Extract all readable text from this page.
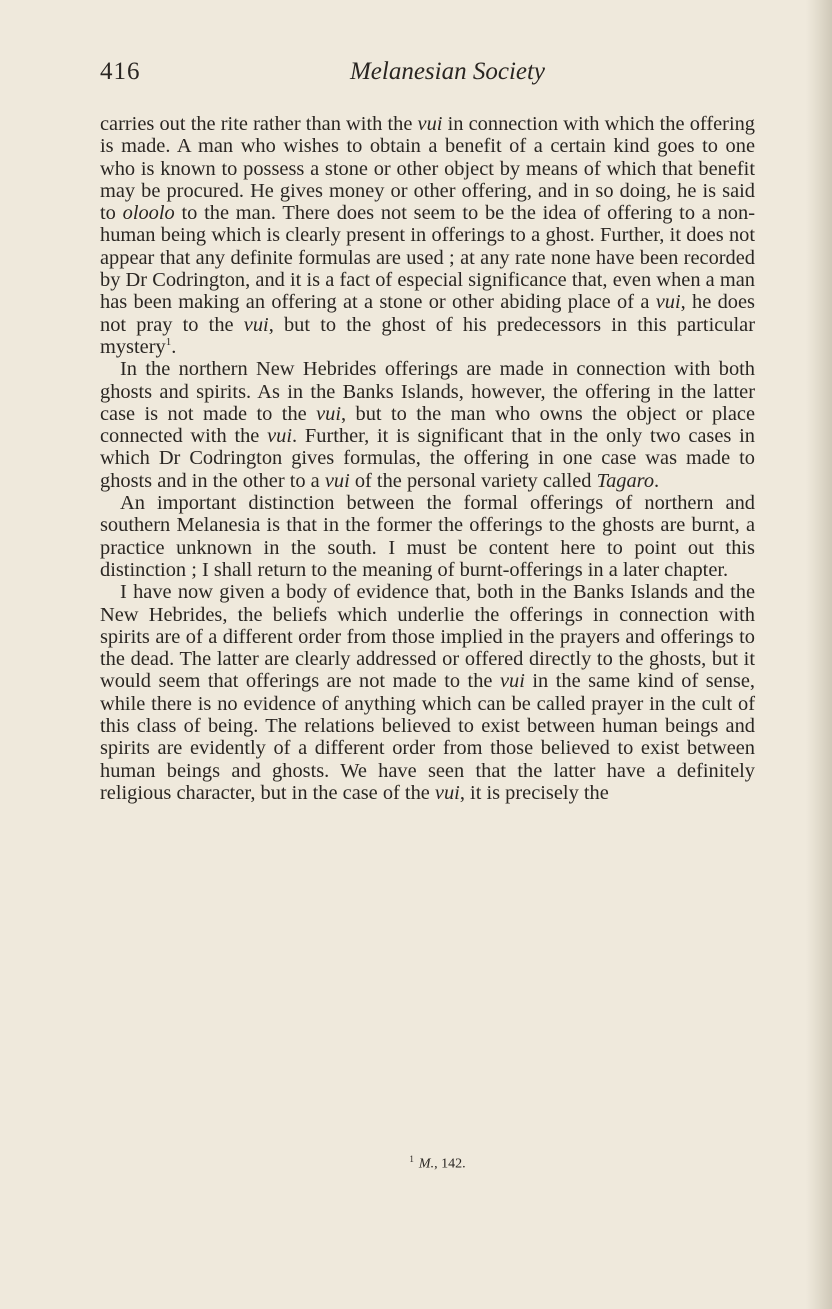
416	Melanesian Society

carries out the rite rather than with the vui in connection with which the offering is made. A man who wishes to obtain a benefit of a certain kind goes to one who is known to possess a stone or other object by means of which that benefit may be procured. He gives money or other offering, and in so doing, he is said to oloolo to the man. There does not seem to be the idea of offering to a non-human being which is clearly present in offerings to a ghost. Further, it does not appear that any definite formulas are used ; at any rate none have been recorded by Dr Codrington, and it is a fact of especial significance that, even when a man has been making an offering at a stone or other abiding place of a vui, he does not pray to the vui, but to the ghost of his predecessors in this particular mystery$^1$.

In the northern New Hebrides offerings are made in connection with both ghosts and spirits. As in the Banks Islands, however, the offering in the latter case is not made to the vui, but to the man who owns the object or place connected with the vui. Further, it is significant that in the only two cases in which Dr Codrington gives formulas, the offering in one case was made to ghosts and in the other to a vui of the personal variety called Tagaro.

An important distinction between the formal offerings of northern and southern Melanesia is that in the former the offerings to the ghosts are burnt, a practice unknown in the south. I must be content here to point out this distinction ; I shall return to the meaning of burnt-offerings in a later chapter.

I have now given a body of evidence that, both in the Banks Islands and the New Hebrides, the beliefs which underlie the offerings in connection with spirits are of a different order from those implied in the prayers and offerings to the dead. The latter are clearly addressed or offered directly to the ghosts, but it would seem that offerings are not made to the vui in the same kind of sense, while there is no evidence of anything which can be called prayer in the cult of this class of being. The relations believed to exist between human beings and spirits are evidently of a different order from those believed to exist between human beings and ghosts. We have seen that the latter have a definitely religious character, but in the case of the vui, it is precisely the

$^1$ M., 142.
